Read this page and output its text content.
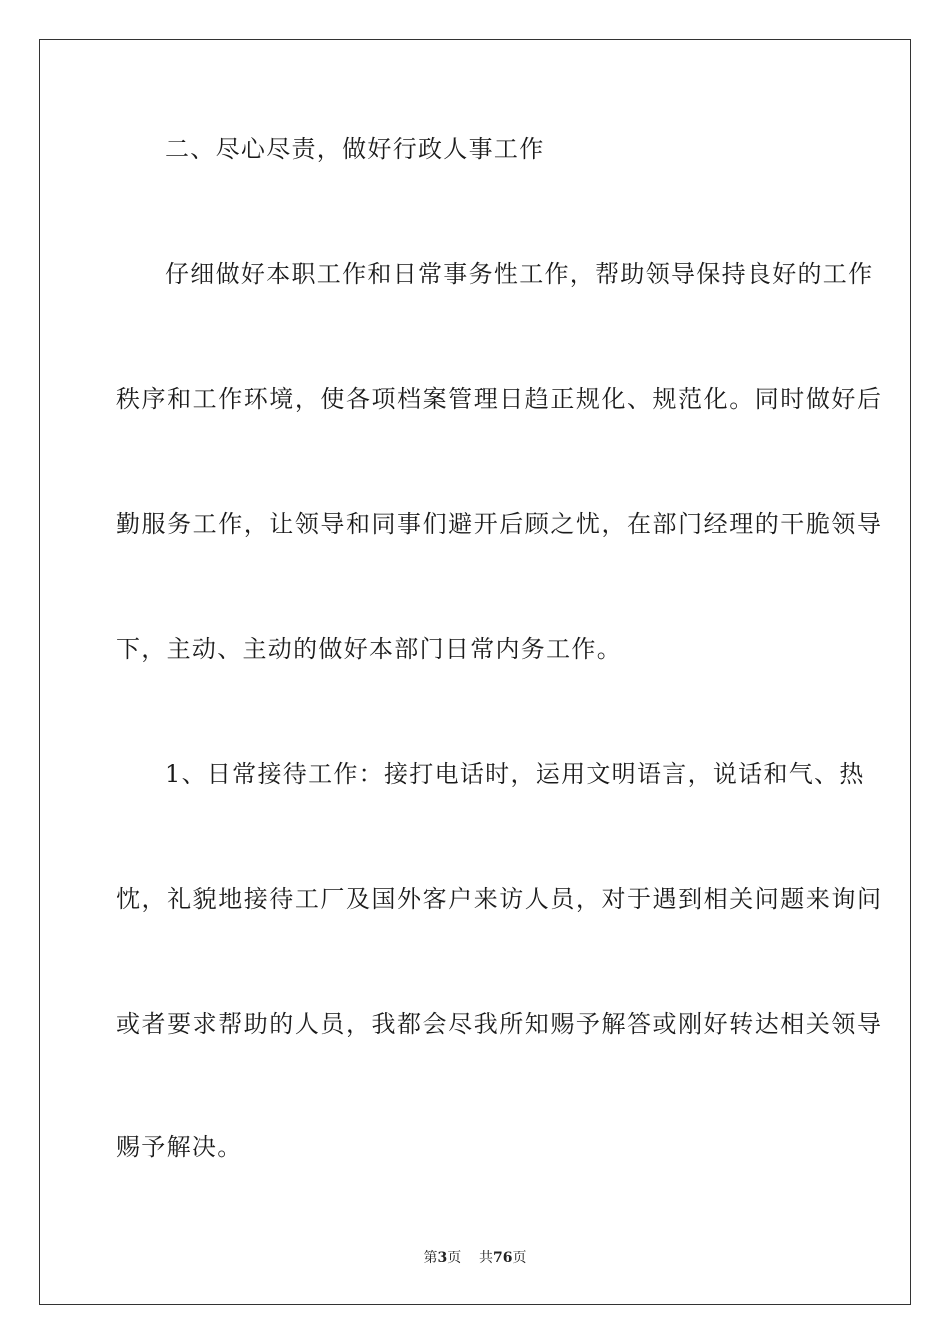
二、尽心尽责，做好行政人事工作
仔细做好本职工作和日常事务性工作，帮助领导保持良好的工作
秩序和工作环境，使各项档案管理日趋正规化、规范化。同时做好后
勤服务工作，让领导和同事们避开后顾之忧，在部门经理的干脆领导
下，主动、主动的做好本部门日常内务工作。
1、日常接待工作：接打电话时，运用文明语言，说话和气、热
忱，礼貌地接待工厂及国外客户来访人员，对于遇到相关问题来询问
或者要求帮助的人员，我都会尽我所知赐予解答或刚好转达相关领导
赐予解决。
第3页 共76页
